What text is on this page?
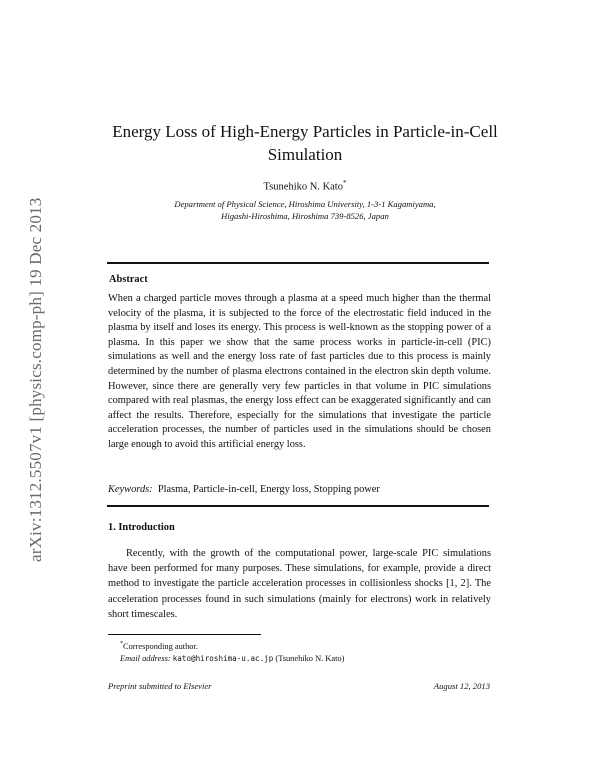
arXiv:1312.5507v1 [physics.comp-ph] 19 Dec 2013
Energy Loss of High-Energy Particles in Particle-in-Cell Simulation
Tsunehiko N. Kato*
Department of Physical Science, Hiroshima University, 1-3-1 Kagamiyama,
Higashi-Hiroshima, Hiroshima 739-8526, Japan
Abstract
When a charged particle moves through a plasma at a speed much higher than the thermal velocity of the plasma, it is subjected to the force of the electrostatic field induced in the plasma by itself and loses its energy. This process is well-known as the stopping power of a plasma. In this paper we show that the same process works in particle-in-cell (PIC) simulations as well and the energy loss rate of fast particles due to this process is mainly determined by the number of plasma electrons contained in the electron skin depth volume. However, since there are generally very few particles in that volume in PIC simulations compared with real plasmas, the energy loss effect can be exaggerated significantly and can affect the results. Therefore, especially for the simulations that investigate the particle acceleration processes, the number of particles used in the simulations should be chosen large enough to avoid this artificial energy loss.
Keywords: Plasma, Particle-in-cell, Energy loss, Stopping power
1. Introduction
Recently, with the growth of the computational power, large-scale PIC simulations have been performed for many purposes. These simulations, for example, provide a direct method to investigate the particle acceleration processes in collisionless shocks [1, 2]. The acceleration processes found in such simulations (mainly for electrons) work in relatively short timescales.
*Corresponding author.
Email address: kato@hiroshima-u.ac.jp (Tsunehiko N. Kato)
Preprint submitted to Elsevier	August 12, 2013
